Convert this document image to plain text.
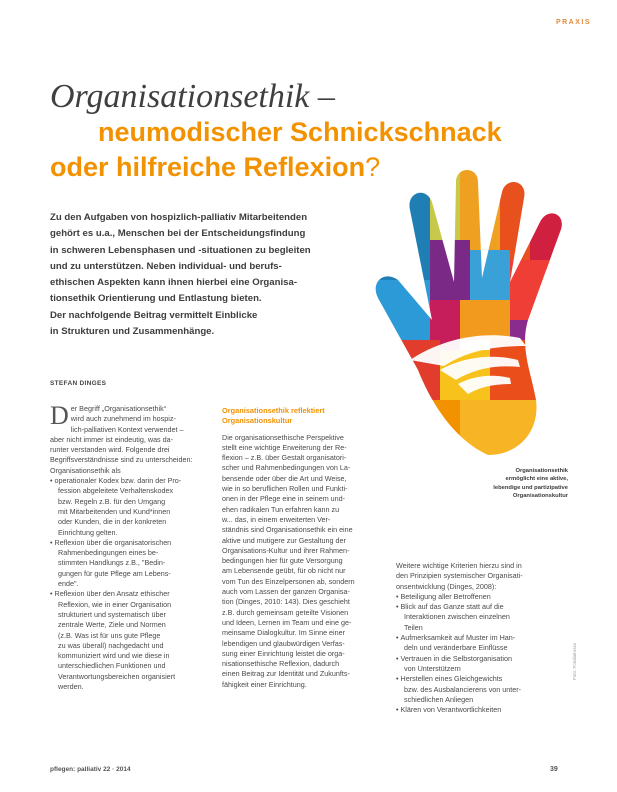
PRAXIS
Organisationsethik –
neumodischer Schnickschnack
oder hilfreiche Reflexion?
Zu den Aufgaben von hospizlich-palliativ Mitarbeitenden
gehört es u.a., Menschen bei der Entscheidungsfindung
in schweren Lebensphasen und -situationen zu begleiten
und zu unterstützen. Neben individual- und berufs-
ethischen Aspekten kann ihnen hierbei eine Organisa-
tionsethik Orientierung und Entlastung bieten.
Der nachfolgende Beitrag vermittelt Einblicke
in Strukturen und Zusammenhänge.
Organisationsethik
ermöglicht eine aktive,
lebendige und partizipative
Organisationskultur
STEFAN DINGES
D er Begriff „Organisationsethik“
wird auch zunehmend im hospiz-
lich-palliativen Kontext verwendet –
aber nicht immer ist eindeutig, was da-
runter verstanden wird. Folgende drei
Begriffsverständnisse sind zu unterscheiden:
Organisationsethik als
• operationaler Kodex bzw. darin der Pro-
fession abgeleitete Verhaltenskodex
bzw. Regeln z.B. für den Umgang
mit Mitarbeitenden und Kund*innen
oder Kunden, die in der konkreten
Einrichtung gelten.
• Reflexion über die organisatorischen
Rahmenbedingungen eines be-
stimmten Handlungs z.B., "Bedin-
gungen für gute Pflege am Lebens-
ende".
• Reflexion über den Ansatz ethischer
Reflexion, wie in einer Organisation
strukturiert und systematisch über
zentrale Werte, Ziele und Normen
(z.B. Was ist für uns gute Pflege
zu was überall) nachgedacht und
kommuniziert wird und wie diese in
unterschiedlichen Funktionen und
Verantwortungsbereichen organisiert
werden.
Organisationsethik reflektiert
Organisationskultur
Die organisationsethische Perspektive
stellt eine wichtige Erweiterung der Re-
flexion – z.B. über Gestalt organisatori-
scher und Rahmenbedingungen von La-
bensende oder über die Art und Weise,
wie in so beruflichen Rollen und Funkti-
onen in der Pflege eine in seinem und-
ehen radikalen Tun erfahren kann zu
w... das, in einem erweiterten Ver-
ständnis sind Organisationsethik ein eine
aktive und mutigere zur Gestaltung der
Organisations-Kultur und ihrer Rahmen-
bedingungen hier für gute Versorgung
am Lebensende geübt, für ob nicht nur
vom Tun des Einzelpersonen ab, sondern
auch vom Lassen der ganzen Organisa-
tion (Dinges, 2010: 143). Dies geschieht
z.B. durch gemeinsam geteilte Visionen
und Ideen, Lernen im Team und eine ge-
meinsame Dialogkultur. Im Sinne einer
lebendigen und glaubwürdigen Verfas-
sung einer Einrichtung leistet die orga-
nisationsethische Reflexion, dadurch
einen Beitrag zur Identität und Zukunfts-
fähigkeit einer Einrichtung.
Weitere wichtige Kriterien hierzu sind in
den Prinzipien systemischer Organisati-
onsentwicklung (Dinges, 2008):
• Beteiligung aller Betroffenen
• Blick auf das Ganze statt auf die
Interaktionen zwischen einzelnen
Teilen
• Aufmerksamkeit auf Muster im Han-
deln und veränderbare Einflüsse
• Vertrauen in die Selbstorganisation
von Unterstützern
• Herstellen eines Gleichgewichts
bzw. des Ausbalancierens von unter-
schiedlichen Anliegen
• Klären von Verantwortlichkeiten
Foto: Fotolia/rosso
pflegen: palliativ 22 · 2014	39
